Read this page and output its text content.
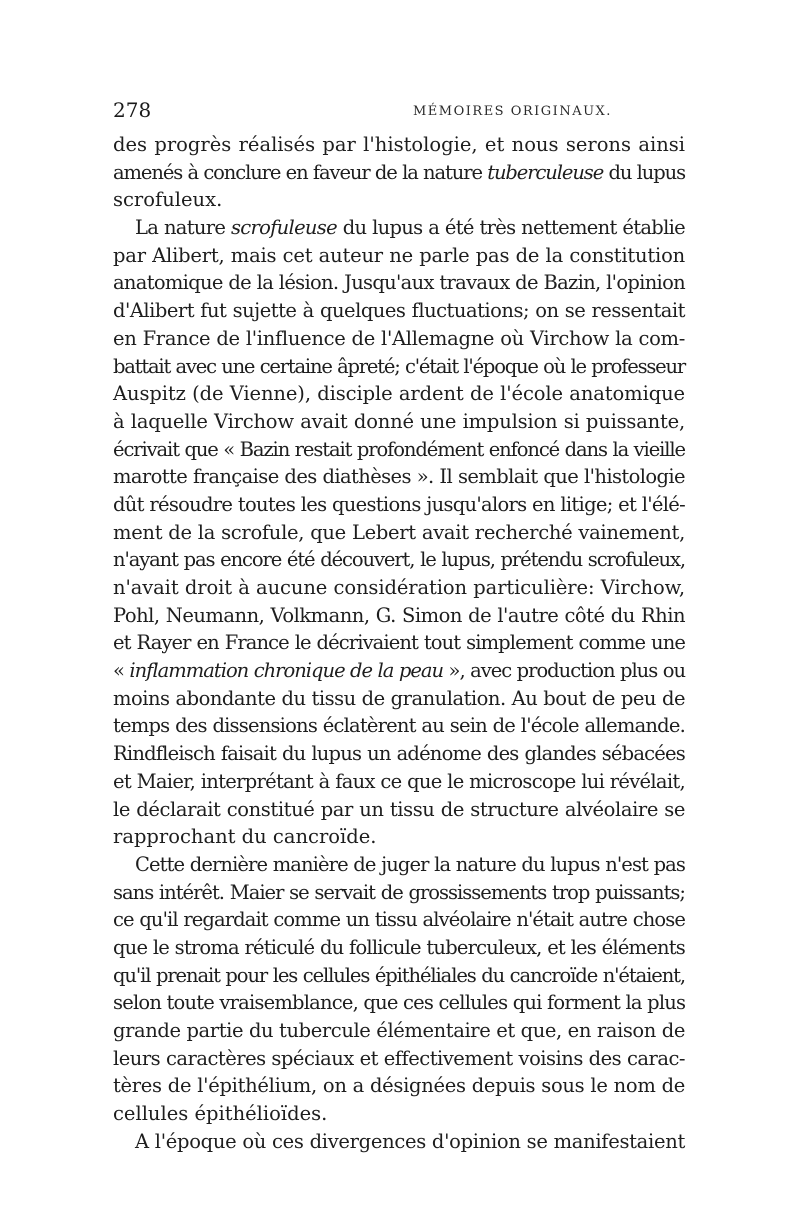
278	MÉMOIRES ORIGINAUX.
des progrès réalisés par l'histologie, et nous serons ainsi
amenés à conclure en faveur de la nature tuberculeuse du lupus
scrofuleux.
La nature scrofuleuse du lupus a été très nettement établie
par Alibert, mais cet auteur ne parle pas de la constitution
anatomique de la lésion. Jusqu'aux travaux de Bazin, l'opinion
d'Alibert fut sujette à quelques fluctuations; on se ressentait
en France de l'influence de l'Allemagne où Virchow la com-
battait avec une certaine âpreté; c'était l'époque où le professeur
Auspitz (de Vienne), disciple ardent de l'école anatomique
à laquelle Virchow avait donné une impulsion si puissante,
écrivait que « Bazin restait profondément enfoncé dans la vieille
marotte française des diathèses ». Il semblait que l'histologie
dût résoudre toutes les questions jusqu'alors en litige; et l'élé-
ment de la scrofule, que Lebert avait recherché vainement,
n'ayant pas encore été découvert, le lupus, prétendu scrofuleux,
n'avait droit à aucune considération particulière: Virchow,
Pohl, Neumann, Volkmann, G. Simon de l'autre côté du Rhin
et Rayer en France le décrivaient tout simplement comme une
« inflammation chronique de la peau », avec production plus ou
moins abondante du tissu de granulation. Au bout de peu de
temps des dissensions éclatèrent au sein de l'école allemande.
Rindfleisch faisait du lupus un adénome des glandes sébacées
et Maier, interprétant à faux ce que le microscope lui révélait,
le déclarait constitué par un tissu de structure alvéolaire se
rapprochant du cancroïde.
Cette dernière manière de juger la nature du lupus n'est pas
sans intérêt. Maier se servait de grossissements trop puissants;
ce qu'il regardait comme un tissu alvéolaire n'était autre chose
que le stroma réticulé du follicule tuberculeux, et les éléments
qu'il prenait pour les cellules épithéliales du cancroïde n'étaient,
selon toute vraisemblance, que ces cellules qui forment la plus
grande partie du tubercule élémentaire et que, en raison de
leurs caractères spéciaux et effectivement voisins des carac-
tères de l'épithélium, on a désignées depuis sous le nom de
cellules épithélioïdes.
A l'époque où ces divergences d'opinion se manifestaient
